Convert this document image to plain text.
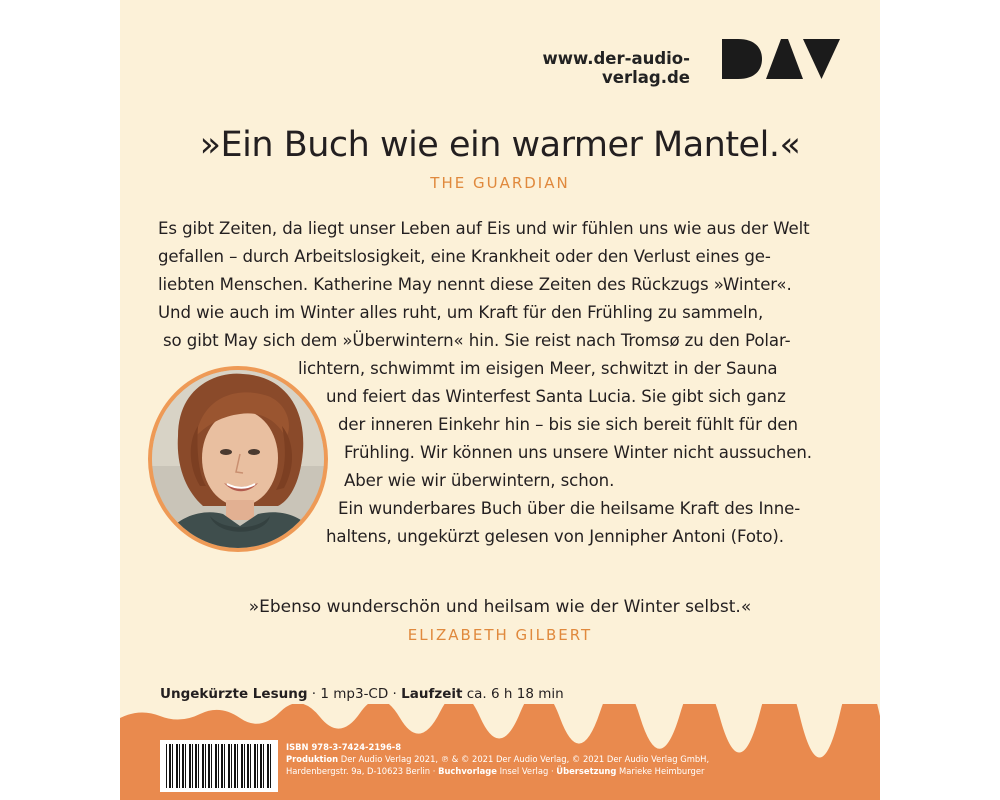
www.der-audio-verlag.de
»Ein Buch wie ein warmer Mantel.«
THE GUARDIAN
Es gibt Zeiten, da liegt unser Leben auf Eis und wir fühlen uns wie aus der Welt
gefallen – durch Arbeitslosigkeit, eine Krankheit oder den Verlust eines ge-
liebten Menschen. Katherine May nennt diese Zeiten des Rückzugs »Winter«.
Und wie auch im Winter alles ruht, um Kraft für den Frühling zu sammeln,
so gibt May sich dem »Überwintern« hin. Sie reist nach Tromsø zu den Polar-
lichtern, schwimmt im eisigen Meer, schwitzt in der Sauna
und feiert das Winterfest Santa Lucia. Sie gibt sich ganz
der inneren Einkehr hin – bis sie sich bereit fühlt für den
Frühling. Wir können uns unsere Winter nicht aussuchen.
Aber wie wir überwintern, schon.
Ein wunderbares Buch über die heilsame Kraft des Inne-
haltens, ungekürzt gelesen von Jennipher Antoni (Foto).
»Ebenso wunderschön und heilsam wie der Winter selbst.«
ELIZABETH GILBERT
Ungekürzte Lesung · 1 mp3-CD · Laufzeit ca. 6 h 18 min
ISBN 978-3-7424-2196-8
Produktion Der Audio Verlag 2021, ℗ & © 2021 Der Audio Verlag, © 2021 Der Audio Verlag GmbH,
Hardenbergstr. 9a, D-10623 Berlin · Buchvorlage Insel Verlag · Übersetzung Marieke Heimburger
